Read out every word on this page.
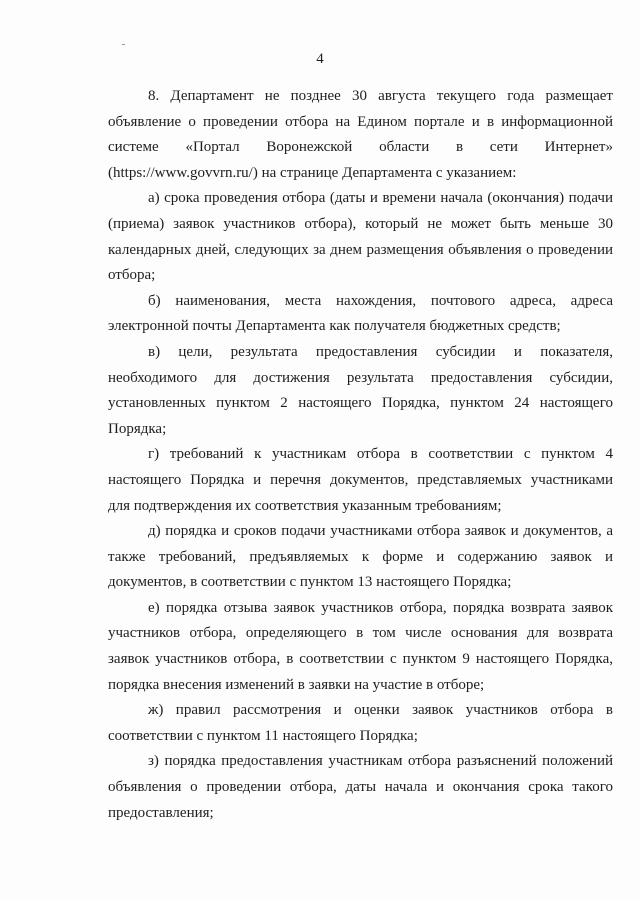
4

8. Департамент не позднее 30 августа текущего года размещает
объявление о проведении отбора на Едином портале и в информационной
системе «Портал Воронежской области в сети Интернет»
(https://www.govvrn.ru/) на странице Департамента с указанием:

а) срока проведения отбора (даты и времени начала (окончания) подачи
(приема) заявок участников отбора), который не может быть меньше 30
календарных дней, следующих за днем размещения объявления о проведении
отбора;

б) наименования, места нахождения, почтового адреса, адреса
электронной почты Департамента как получателя бюджетных средств;

в) цели, результата предоставления субсидии и показателя,
необходимого для достижения результата предоставления субсидии,
установленных пунктом 2 настоящего Порядка, пунктом 24 настоящего
Порядка;

г) требований к участникам отбора в соответствии с пунктом 4
настоящего Порядка и перечня документов, представляемых участниками
для подтверждения их соответствия указанным требованиям;

д) порядка и сроков подачи участниками отбора заявок и документов, а
также требований, предъявляемых к форме и содержанию заявок и
документов, в соответствии с пунктом 13 настоящего Порядка;

е) порядка отзыва заявок участников отбора, порядка возврата заявок
участников отбора, определяющего в том числе основания для возврата
заявок участников отбора, в соответствии с пунктом 9 настоящего Порядка,
порядка внесения изменений в заявки на участие в отборе;

ж) правил рассмотрения и оценки заявок участников отбора в
соответствии с пунктом 11 настоящего Порядка;

з) порядка предоставления участникам отбора разъяснений положений
объявления о проведении отбора, даты начала и окончания срока такого
предоставления;
